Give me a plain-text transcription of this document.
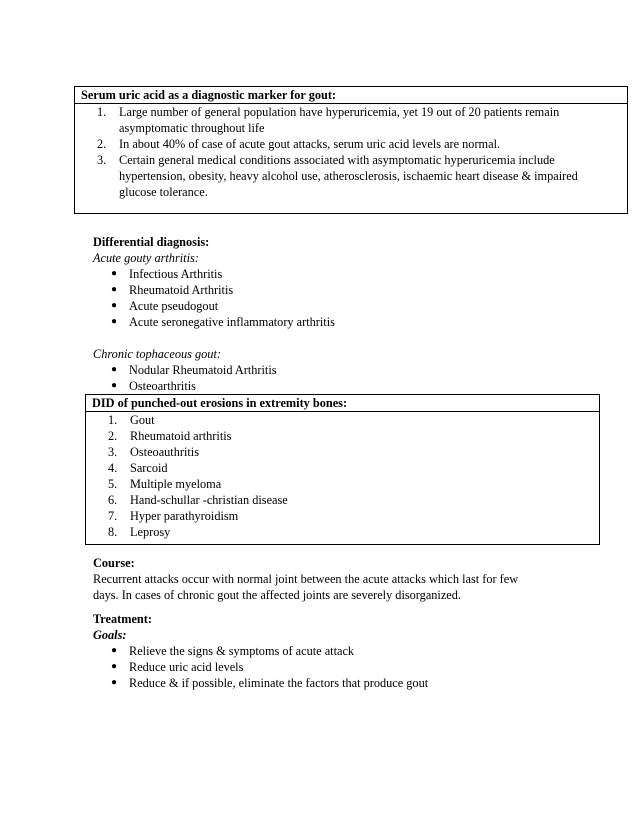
Serum uric acid as a diagnostic marker for gout:
1. Large number of general population have hyperuricemia, yet 19 out of 20 patients remain
asymptomatic throughout life
2. In about 40% of case of acute gout attacks, serum uric acid levels are normal.
3. Certain general medical conditions associated with asymptomatic hyperuricemia include
hypertension, obesity, heavy alcohol use, atherosclerosis, ischaemic heart disease & impaired
glucose tolerance.
Differential diagnosis:
Acute gouty arthritis:
● Infectious Arthritis
● Rheumatoid Arthritis
● Acute pseudogout
● Acute seronegative inflammatory arthritis
Chronic tophaceous gout:
● Nodular Rheumatoid Arthritis
● Osteoarthritis
DID of punched-out erosions in extremity bones:
1. Gout
2. Rheumatoid arthritis
3. Osteoauthritis
4. Sarcoid
5. Multiple myeloma
6. Hand-schullar -christian disease
7. Hyper parathyroidism
8. Leprosy
Course:
Recurrent attacks occur with normal joint between the acute attacks which last for few
days. In cases of chronic gout the affected joints are severely disorganized.
Treatment:
Goals:
● Relieve the signs & symptoms of acute attack
● Reduce uric acid levels
● Reduce & if possible, eliminate the factors that produce gout
